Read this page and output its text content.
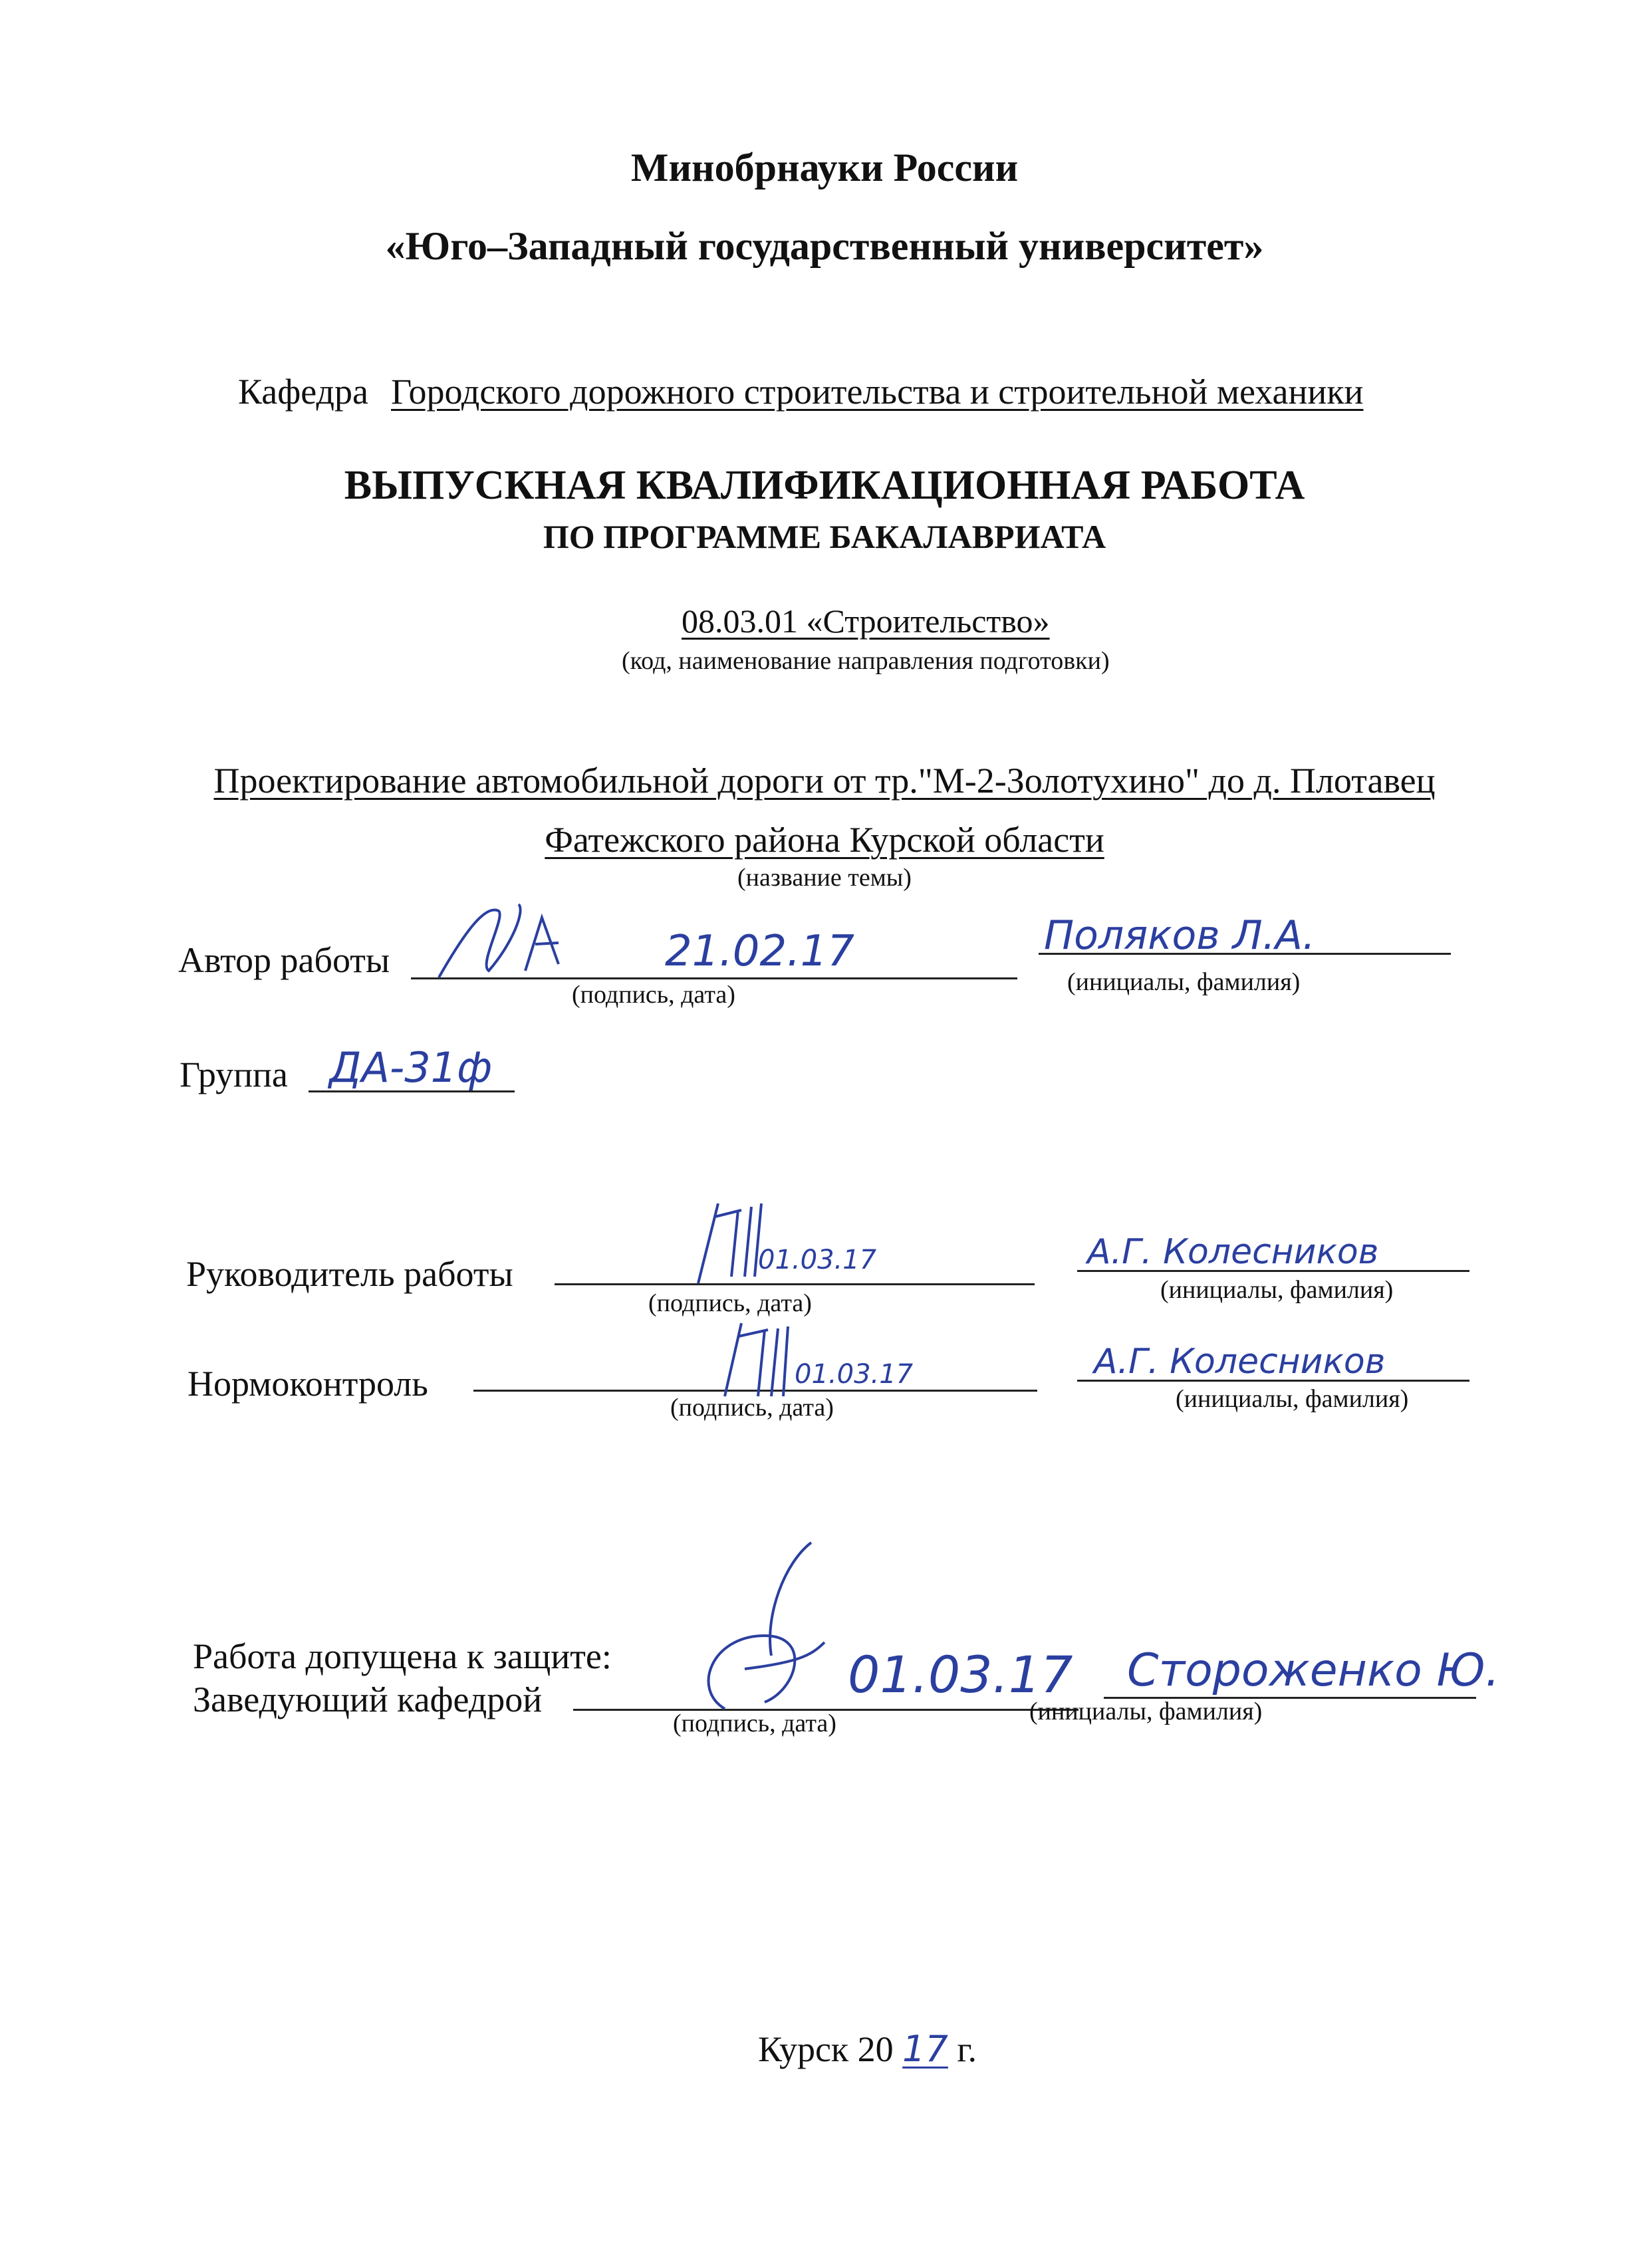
Минобрнауки России
«Юго–Западный государственный университет»
Кафедра Городского дорожного строительства и строительной механики
ВЫПУСКНАЯ КВАЛИФИКАЦИОННАЯ РАБОТА
ПО ПРОГРАММЕ БАКАЛАВРИАТА
08.03.01 «Строительство»
(код, наименование направления подготовки)
Проектирование автомобильной дороги от тр."М-2-Золотухино" до д. Плотавец
Фатежского района Курской области
(название темы)
Автор работы	21.02.17	Поляков Л.А.
(подпись, дата)	(инициалы, фамилия)
Группа ДА-31ф
Руководитель работы	01.03.17	А.Г. Колесников
(подпись, дата)	(инициалы, фамилия)
Нормоконтроль	01.03.17	А.Г. Колесников
(подпись, дата)	(инициалы, фамилия)
Работа допущена к защите:
Заведующий кафедрой	01.03.17 Стороженко Ю.
(подпись, дата)	(инициалы, фамилия)
Курск 20 17 г.
